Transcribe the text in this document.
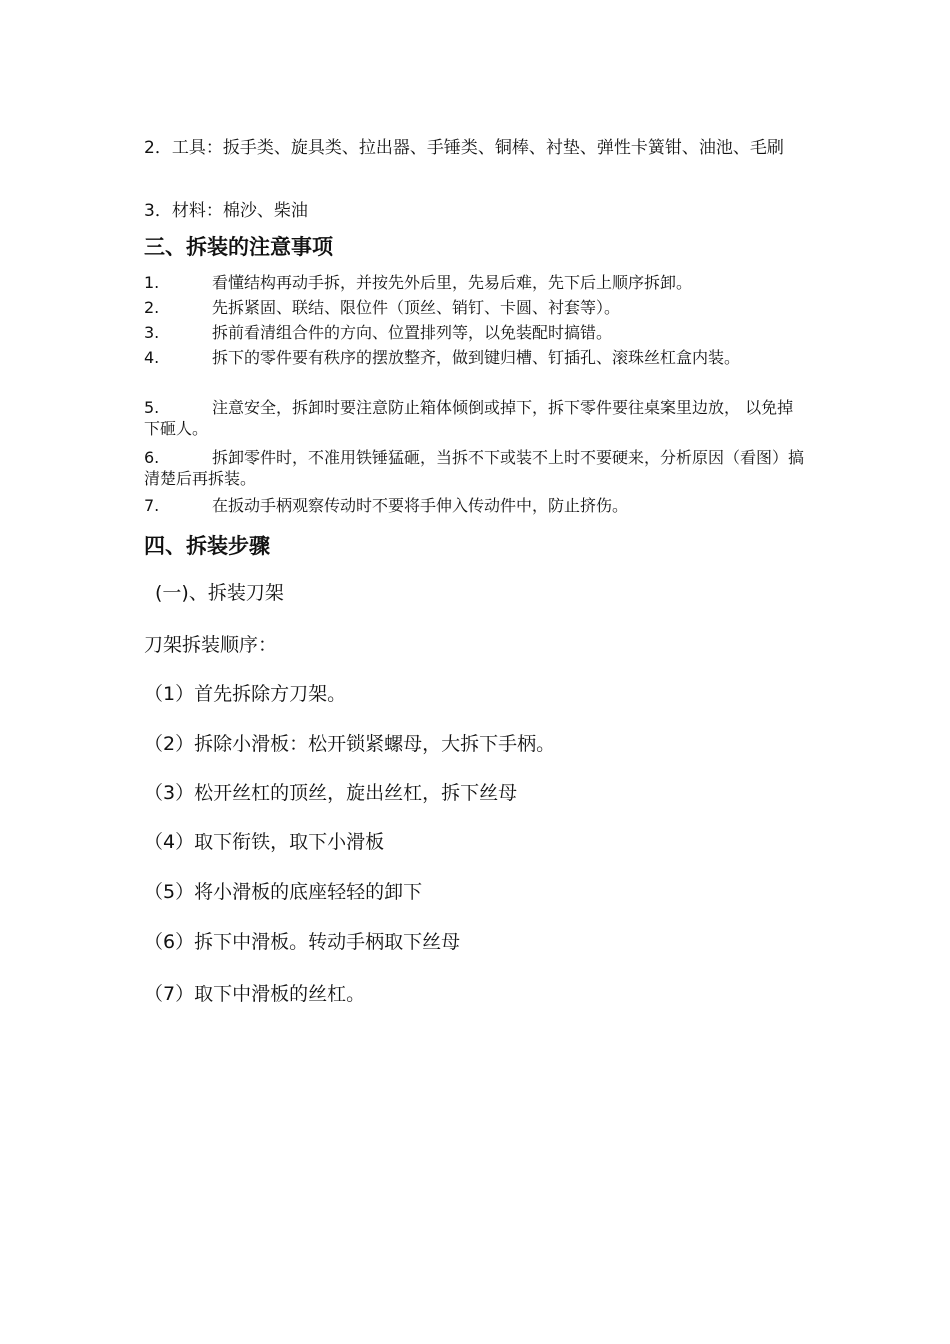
2．工具：扳手类、旋具类、拉出器、手锤类、铜棒、衬垫、弹性卡簧钳、油池、毛刷
3．材料：棉沙、柴油
三、拆装的注意事项
1.	看懂结构再动手拆，并按先外后里，先易后难，先下后上顺序拆卸。
2.	先拆紧固、联结、限位件（顶丝、销钉、卡圆、衬套等）。
3.	拆前看清组合件的方向、位置排列等，以免装配时搞错。
4.	拆下的零件要有秩序的摆放整齐，做到键归槽、钉插孔、滚珠丝杠盒内装。
5.	注意安全，拆卸时要注意防止箱体倾倒或掉下，拆下零件要往桌案里边放， 以免掉下砸人。
6.	拆卸零件时，不准用铁锤猛砸，当拆不下或装不上时不要硬来，分析原因（看图）搞清楚后再拆装。
7.	在扳动手柄观察传动时不要将手伸入传动件中，防止挤伤。
四、拆装步骤
(一)、拆装刀架
刀架拆装顺序：
（1）首先拆除方刀架。
（2）拆除小滑板：松开锁紧螺母，大拆下手柄。
（3）松开丝杠的顶丝，旋出丝杠，拆下丝母
（4）取下衔铁，取下小滑板
（5）将小滑板的底座轻轻的卸下
（6）拆下中滑板。转动手柄取下丝母
（7）取下中滑板的丝杠。
